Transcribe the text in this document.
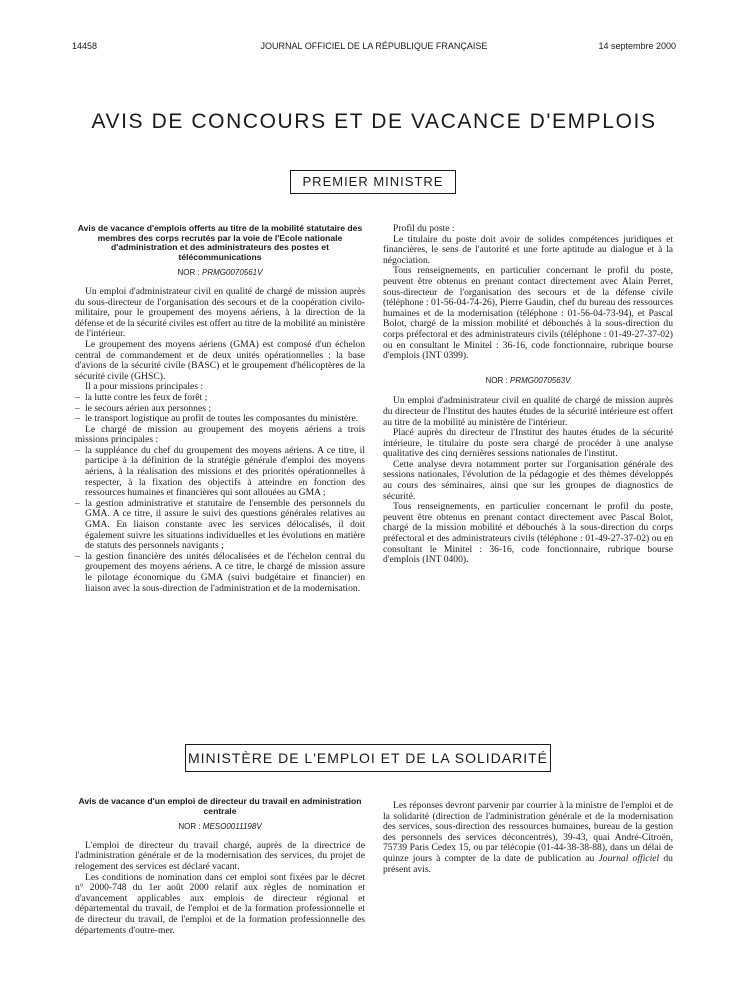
14458	JOURNAL OFFICIEL DE LA RÉPUBLIQUE FRANÇAISE	14 septembre 2000
AVIS DE CONCOURS ET DE VACANCE D'EMPLOIS
PREMIER MINISTRE
Avis de vacance d'emplois offerts au titre de la mobilité statutaire des membres des corps recrutés par la voie de l'Ecole nationale d'administration et des administrateurs des postes et télécommunications
NOR : PRMG0070561V

Un emploi d'administrateur civil en qualité de chargé de mission auprès du sous-directeur de l'organisation des secours et de la coopération civilo-militaire, pour le groupement des moyens aériens, à la direction de la défense et de la sécurité civiles est offert au titre de la mobilité au ministère de l'intérieur.

Le groupement des moyens aériens (GMA) est composé d'un échelon central de commandement et de deux unités opérationnelles : la base d'avions de la sécurité civile (BASC) et le groupement d'hélicoptères de la sécurité civile (GHSC).

Il a pour missions principales :

– la lutte contre les feux de forêt ;
– le secours aérien aux personnes ;
– le transport logistique au profit de toutes les composantes du ministère.

Le chargé de mission au groupement des moyens aériens a trois missions principales :

– la suppléance du chef du groupement des moyens aériens. A ce titre, il participe à la définition de la stratégie générale d'emploi des moyens aériens, à la réalisation des missions et des priorités opérationnelles à respecter, à la fixation des objectifs à atteindre en fonction des ressources humaines et financières qui sont allouées au GMA ;
– la gestion administrative et statutaire de l'ensemble des personnels du GMA. A ce titre, il assure le suivi des questions générales relatives au GMA. En liaison constante avec les services délocalisés, il doit également suivre les situations individuelles et les évolutions en matière de statuts des personnels navigants ;
– la gestion financière des unités délocalisées et de l'échelon central du groupement des moyens aériens. A ce titre, le chargé de mission assure le pilotage économique du GMA (suivi budgétaire et financier) en liaison avec la sous-direction de l'administration et de la modernisation.

Profil du poste :

Le titulaire du poste doit avoir de solides compétences juridiques et financières, le sens de l'autorité et une forte aptitude au dialogue et à la négociation.

Tous renseignements, en particulier concernant le profil du poste, peuvent être obtenus en prenant contact directement avec Alain Perret, sous-directeur de l'organisation des secours et de la défense civile (téléphone : 01-56-04-74-26), Pierre Gaudin, chef du bureau des ressources humaines et de la modernisation (téléphone : 01-56-04-73-94), et Pascal Bolot, chargé de la mission mobilité et débouchés à la sous-direction du corps préfectoral et des administrateurs civils (téléphone : 01-49-27-37-02) ou en consultant le Minitel : 36-16, code fonctionnaire, rubrique bourse d'emplois (INT 0399).

NOR : PRMG0070563V

Un emploi d'administrateur civil en qualité de chargé de mission auprès du directeur de l'Institut des hautes études de la sécurité intérieure est offert au titre de la mobilité au ministère de l'intérieur.

Placé auprès du directeur de l'Institut des hautes études de la sécurité intérieure, le titulaire du poste sera chargé de procéder à une analyse qualitative des cinq dernières sessions nationales de l'institut.

Cette analyse devra notamment porter sur l'organisation générale des sessions nationales, l'évolution de la pédagogie et des thèmes développés au cours des séminaires, ainsi que sur les groupes de diagnostics de sécurité.

Tous renseignements, en particulier concernant le profil du poste, peuvent être obtenus en prenant contact directement avec Pascal Bolot, chargé de la mission mobilité et débouchés à la sous-direction du corps préfectoral et des administrateurs civils (téléphone : 01-49-27-37-02) ou en consultant le Minitel : 36-16, code fonctionnaire, rubrique bourse d'emplois (INT 0400).

MINISTÈRE DE L'EMPLOI ET DE LA SOLIDARITÉ
Avis de vacance d'un emploi de directeur du travail en administration centrale
NOR : MESO0011198V

L'emploi de directeur du travail chargé, auprès de la directrice de l'administration générale et de la modernisation des services, du projet de relogement des services est déclaré vacant.

Les conditions de nomination dans cet emploi sont fixées par le décret n° 2000-748 du 1er août 2000 relatif aux règles de nomination et d'avancement applicables aux emplois de directeur régional et départemental du travail, de l'emploi et de la formation professionnelle et de directeur du travail, de l'emploi et de la formation professionnelle des départements d'outre-mer.

Les réponses devront parvenir par courrier à la ministre de l'emploi et de la solidarité (direction de l'administration générale et de la modernisation des services, sous-direction des ressources humaines, bureau de la gestion des personnels des services déconcentrés), 39-43, quai André-Citroën, 75739 Paris Cedex 15, ou par télécopie (01-44-38-38-88), dans un délai de quinze jours à compter de la date de publication au Journal officiel du présent avis.
